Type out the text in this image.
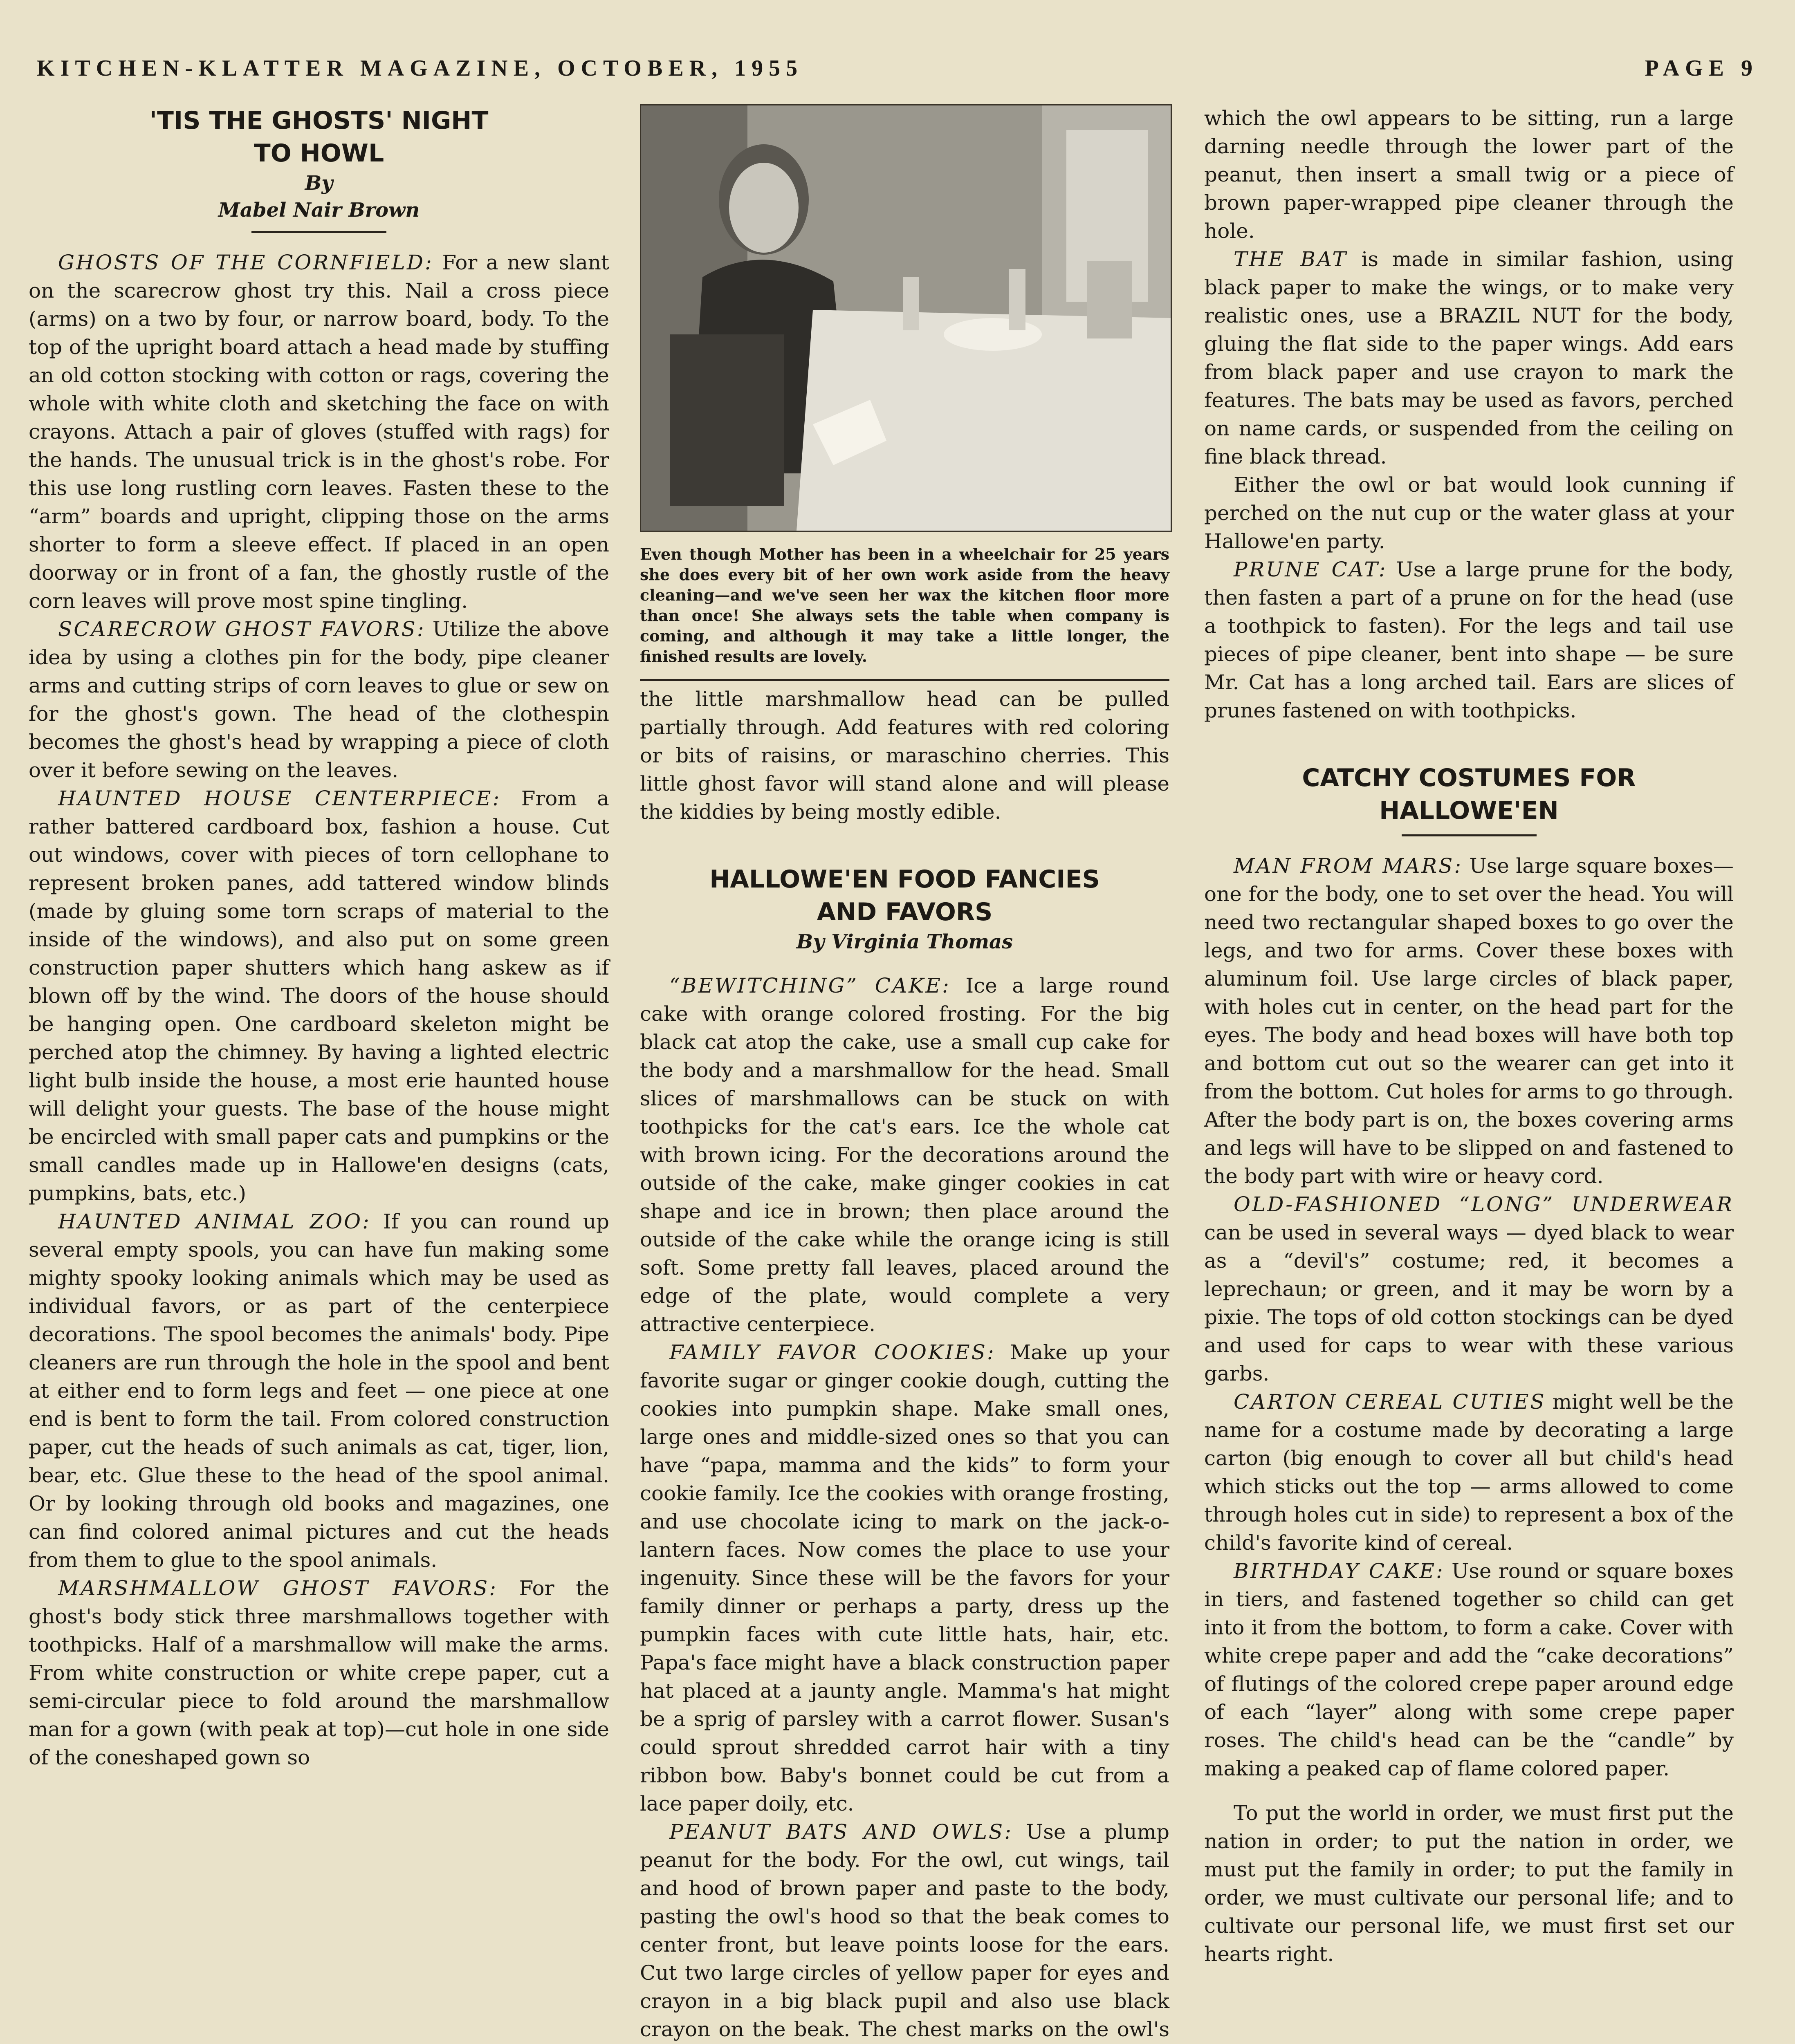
KITCHEN-KLATTER MAGAZINE, OCTOBER, 1955	PAGE 9
'TIS THE GHOSTS' NIGHT
TO HOWL
By
Mabel Nair Brown

GHOSTS OF THE CORNFIELD: For a new slant on the scarecrow ghost try this. Nail a cross piece (arms) on a two by four, or narrow board, body. To the top of the upright board attach a head made by stuffing an old cotton stocking with cotton or rags, covering the whole with white cloth and sketching the face on with crayons. Attach a pair of gloves (stuffed with rags) for the hands. The unusual trick is in the ghost's robe. For this use long rustling corn leaves. Fasten these to the “arm” boards and upright, clipping those on the arms shorter to form a sleeve effect. If placed in an open doorway or in front of a fan, the ghostly rustle of the corn leaves will prove most spine tingling.

SCARECROW GHOST FAVORS: Utilize the above idea by using a clothes pin for the body, pipe cleaner arms and cutting strips of corn leaves to glue or sew on for the ghost's gown. The head of the clothespin becomes the ghost's head by wrapping a piece of cloth over it before sewing on the leaves.

HAUNTED HOUSE CENTERPIECE: From a rather battered cardboard box, fashion a house. Cut out windows, cover with pieces of torn cellophane to represent broken panes, add tattered window blinds (made by gluing some torn scraps of material to the inside of the windows), and also put on some green construction paper shutters which hang askew as if blown off by the wind. The doors of the house should be hanging open. One cardboard skeleton might be perched atop the chimney. By having a lighted electric light bulb inside the house, a most erie haunted house will delight your guests. The base of the house might be encircled with small paper cats and pumpkins or the small candles made up in Hallowe'en designs (cats, pumpkins, bats, etc.)

HAUNTED ANIMAL ZOO: If you can round up several empty spools, you can have fun making some mighty spooky looking animals which may be used as individual favors, or as part of the centerpiece decorations. The spool becomes the animals' body. Pipe cleaners are run through the hole in the spool and bent at either end to form legs and feet — one piece at one end is bent to form the tail. From colored construction paper, cut the heads of such animals as cat, tiger, lion, bear, etc. Glue these to the head of the spool animal. Or by looking through old books and magazines, one can find colored animal pictures and cut the heads from them to glue to the spool animals.

MARSHMALLOW GHOST FAVORS: For the ghost's body stick three marshmallows together with toothpicks. Half of a marshmallow will make the arms. From white construction or white crepe paper, cut a semi-circular piece to fold around the marshmallow man for a gown (with peak at top)—cut hole in one side of the coneshaped gown so

Even though Mother has been in a wheelchair for 25 years she does every bit of her own work aside from the heavy cleaning—and we've seen her wax the kitchen floor more than once! She always sets the table when company is coming, and although it may take a little longer, the finished results are lovely.

the little marshmallow head can be pulled partially through. Add features with red coloring or bits of raisins, or maraschino cherries. This little ghost favor will stand alone and will please the kiddies by being mostly edible.

HALLOWE'EN FOOD FANCIES
AND FAVORS
By Virginia Thomas

“BEWITCHING” CAKE: Ice a large round cake with orange colored frosting. For the big black cat atop the cake, use a small cup cake for the body and a marshmallow for the head. Small slices of marshmallows can be stuck on with toothpicks for the cat's ears. Ice the whole cat with brown icing. For the decorations around the outside of the cake, make ginger cookies in cat shape and ice in brown; then place around the outside of the cake while the orange icing is still soft. Some pretty fall leaves, placed around the edge of the plate, would complete a very attractive centerpiece.

FAMILY FAVOR COOKIES: Make up your favorite sugar or ginger cookie dough, cutting the cookies into pumpkin shape. Make small ones, large ones and middle-sized ones so that you can have “papa, mamma and the kids” to form your cookie family. Ice the cookies with orange frosting, and use chocolate icing to mark on the jack-o-lantern faces. Now comes the place to use your ingenuity. Since these will be the favors for your family dinner or perhaps a party, dress up the pumpkin faces with cute little hats, hair, etc. Papa's face might have a black construction paper hat placed at a jaunty angle. Mamma's hat might be a sprig of parsley with a carrot flower. Susan's could sprout shredded carrot hair with a tiny ribbon bow. Baby's bonnet could be cut from a lace paper doily, etc.

PEANUT BATS AND OWLS: Use a plump peanut for the body. For the owl, cut wings, tail and hood of brown paper and paste to the body, pasting the owl's hood so that the beak comes to center front, but leave points loose for the ears. Cut two large circles of yellow paper for eyes and crayon in a big black pupil and also use black crayon on the beak. The chest marks on the owl's

which the owl appears to be sitting, run a large darning needle through the lower part of the peanut, then insert a small twig or a piece of brown paper-wrapped pipe cleaner through the hole.

THE BAT is made in similar fashion, using black paper to make the wings, or to make very realistic ones, use a BRAZIL NUT for the body, gluing the flat side to the paper wings. Add ears from black paper and use crayon to mark the features. The bats may be used as favors, perched on name cards, or suspended from the ceiling on fine black thread.

Either the owl or bat would look cunning if perched on the nut cup or the water glass at your Hallowe'en party.

PRUNE CAT: Use a large prune for the body, then fasten a part of a prune on for the head (use a toothpick to fasten). For the legs and tail use pieces of pipe cleaner, bent into shape — be sure Mr. Cat has a long arched tail. Ears are slices of prunes fastened on with toothpicks.

CATCHY COSTUMES FOR
HALLOWE'EN

MAN FROM MARS: Use large square boxes—one for the body, one to set over the head. You will need two rectangular shaped boxes to go over the legs, and two for arms. Cover these boxes with aluminum foil. Use large circles of black paper, with holes cut in center, on the head part for the eyes. The body and head boxes will have both top and bottom cut out so the wearer can get into it from the bottom. Cut holes for arms to go through. After the body part is on, the boxes covering arms and legs will have to be slipped on and fastened to the body part with wire or heavy cord.

OLD-FASHIONED “LONG” UNDERWEAR can be used in several ways — dyed black to wear as a “devil's” costume; red, it becomes a leprechaun; or green, and it may be worn by a pixie. The tops of old cotton stockings can be dyed and used for caps to wear with these various garbs.

CARTON CEREAL CUTIES might well be the name for a costume made by decorating a large carton (big enough to cover all but child's head which sticks out the top — arms allowed to come through holes cut in side) to represent a box of the child's favorite kind of cereal.

BIRTHDAY CAKE: Use round or square boxes in tiers, and fastened together so child can get into it from the bottom, to form a cake. Cover with white crepe paper and add the “cake decorations” of flutings of the colored crepe paper around edge of each “layer” along with some crepe paper roses. The child's head can be the “candle” by making a peaked cap of flame colored paper.

To put the world in order, we must first put the nation in order; to put the nation in order, we must put the family in order; to put the family in order, we must cultivate our personal life; and to cultivate our personal life, we must first set our hearts right.
